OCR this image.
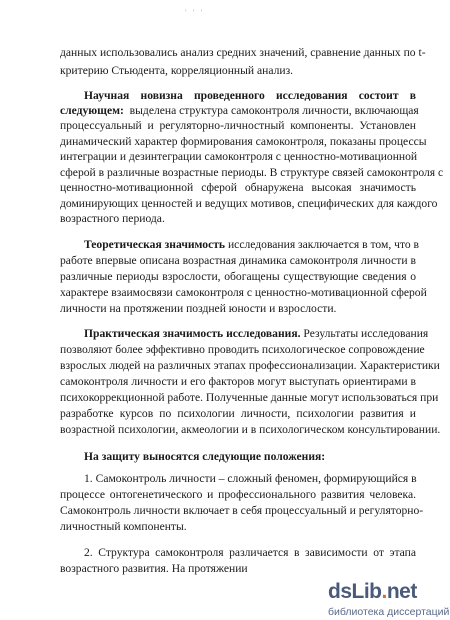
' ' '
данных использовались анализ средних значений, сравнение данных по t-
критерию Стьюдента, корреляционный анализ.
Научная новизна проведенного исследования состоит в
следующем:  выделена структура самоконтроля личности, включающая
процессуальный и регуляторно-личностный компоненты. Установлен
динамический характер формирования самоконтроля, показаны процессы
интеграции и дезинтеграции самоконтроля с ценностно-мотивационной
сферой в различные возрастные периоды. В структуре связей самоконтроля с
ценностно-мотивационной сферой обнаружена высокая значимость
доминирующих ценностей и ведущих мотивов, специфических для каждого
возрастного периода.
Теоретическая значимость исследования заключается в том, что в
работе впервые описана возрастная динамика самоконтроля личности в
различные периоды взрослости, обогащены существующие сведения о
характере взаимосвязи самоконтроля с ценностно-мотивационной сферой
личности на протяжении поздней юности и взрослости.
Практическая значимость исследования. Результаты исследования
позволяют более эффективно проводить психологическое сопровождение
взрослых людей на различных этапах профессионализации. Характеристики
самоконтроля личности и его факторов могут выступать ориентирами в
психокоррекционной работе. Полученные данные могут использоваться при
разработке курсов по психологии личности, психологии развития и
возрастной психологии, акмеологии и в психологическом консультировании.
На защиту выносятся следующие положения:
1. Самоконтроль личности – сложный феномен, формирующийся в
процессе онтогенетического и профессионального развития человека.
Самоконтроль личности включает в себя процессуальный и регуляторно-
личностный компоненты.
2. Структура самоконтроля различается в зависимости от этапа
возрастного развития. На протяжении
dsLib.net
библиотека диссертаций
